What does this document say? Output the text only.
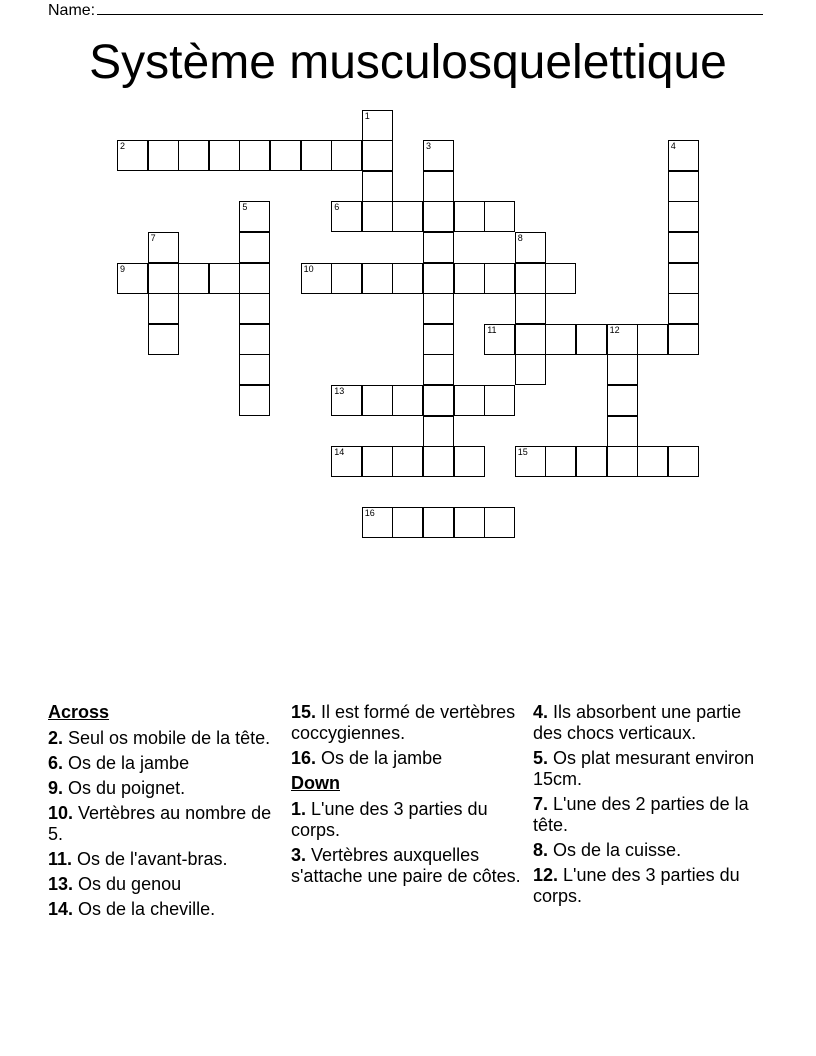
Name:
Système musculosquelettique
1
2	3	4
5	6
7	8
9	10
11	12
13
14	15
16
Across
2. Seul os mobile de la tête.
6. Os de la jambe
9. Os du poignet.
10. Vertèbres au nombre de 5.
11. Os de l'avant-bras.
13. Os du genou
14. Os de la cheville.
15. Il est formé de vertèbres coccygiennes.
16. Os de la jambe
Down
1. L'une des 3 parties du corps.
3. Vertèbres auxquelles s'attache une paire de côtes.
4. Ils absorbent une partie des chocs verticaux.
5. Os plat mesurant environ 15cm.
7. L'une des 2 parties de la tête.
8. Os de la cuisse.
12. L'une des 3 parties du corps.
